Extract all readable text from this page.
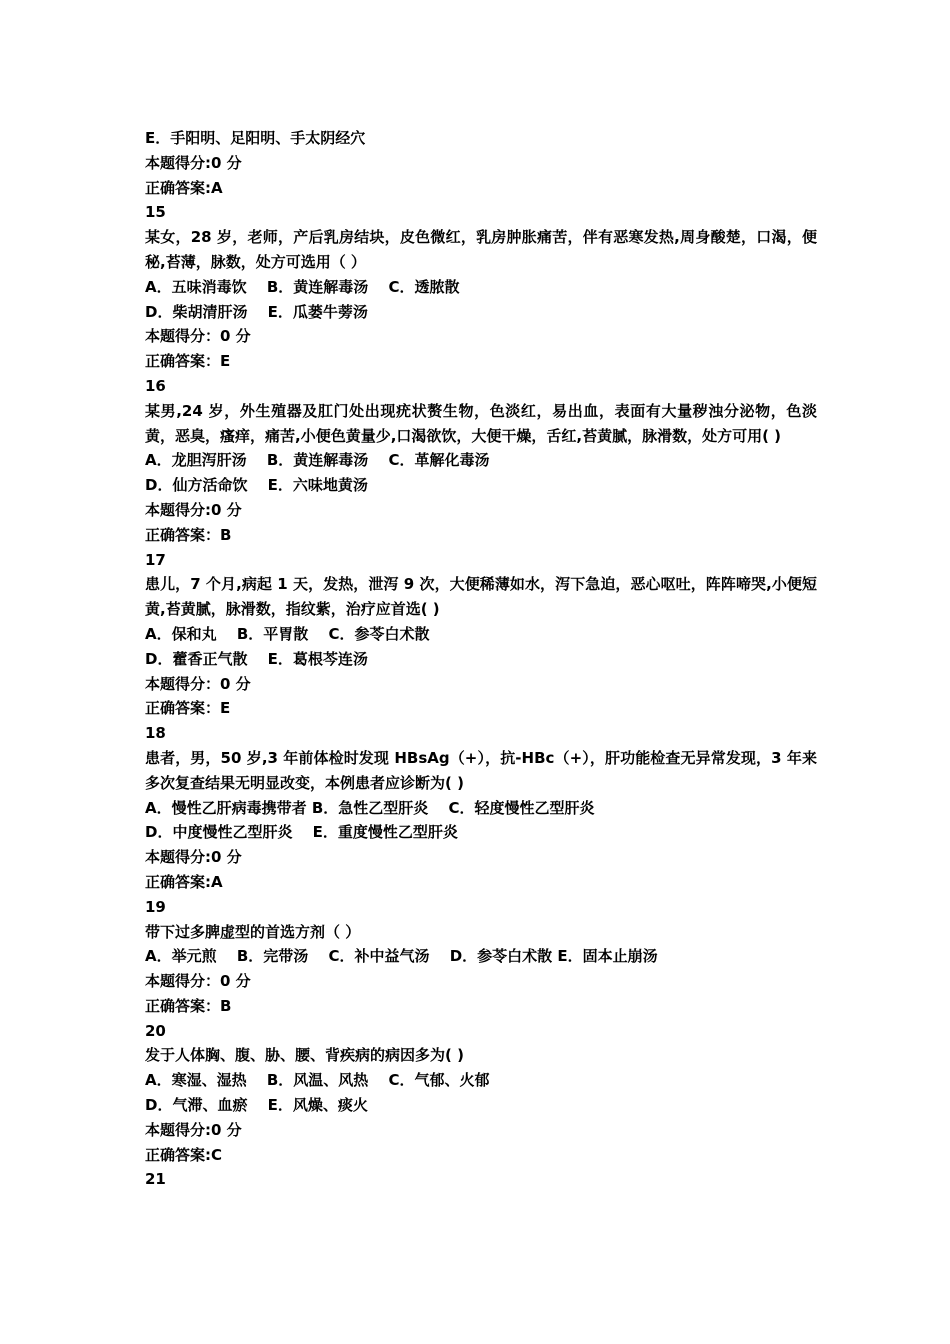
E．手阳明、足阳明、手太阴经穴
本题得分:0 分
正确答案:A
15
某女，28 岁，老师，产后乳房结块，皮色微红，乳房肿胀痛苦，伴有恶寒发热,周身酸楚，口渴，便秘,苔薄，脉数，处方可选用（ ）
A．五味消毒饮　 B．黄连解毒汤　 C．透脓散
D．柴胡清肝汤　 E．瓜蒌牛蒡汤
本题得分：0 分
正确答案：E
16
某男,24 岁，外生殖器及肛门处出现疣状赘生物，色淡红，易出血，表面有大量秽浊分泌物，色淡黄，恶臭，瘙痒，痛苦,小便色黄量少,口渴欲饮，大便干燥，舌红,苔黄腻，脉滑数，处方可用( )
A．龙胆泻肝汤　 B．黄连解毒汤　 C．革解化毒汤
D．仙方活命饮　 E．六味地黄汤
本题得分:0 分
正确答案：B
17
患儿，7 个月,病起 1 天，发热，泄泻 9 次，大便稀薄如水，泻下急迫，恶心呕吐，阵阵啼哭,小便短黄,苔黄腻，脉滑数，指纹紫，治疗应首选( )
A．保和丸　 B．平胃散　 C．参苓白术散
D．藿香正气散　 E．葛根芩连汤
本题得分：0 分
正确答案：E
18
患者，男，50 岁,3 年前体检时发现 HBsAg（+），抗-HBc（+），肝功能检查无异常发现，3 年来多次复查结果无明显改变，本例患者应诊断为( )
A．慢性乙肝病毒携带者 B．急性乙型肝炎　 C．轻度慢性乙型肝炎
D．中度慢性乙型肝炎　 E．重度慢性乙型肝炎
本题得分:0 分
正确答案:A
19
带下过多脾虚型的首选方剂（ ）
A．举元煎　 B．完带汤　 C．补中益气汤　 D．参苓白术散 E．固本止崩汤
本题得分：0 分
正确答案：B
20
发于人体胸、腹、胁、腰、背疾病的病因多为( )
A．寒湿、湿热　 B．风温、风热　 C．气郁、火郁
D．气滞、血瘀　 E．风燥、痰火
本题得分:0 分
正确答案:C
21
